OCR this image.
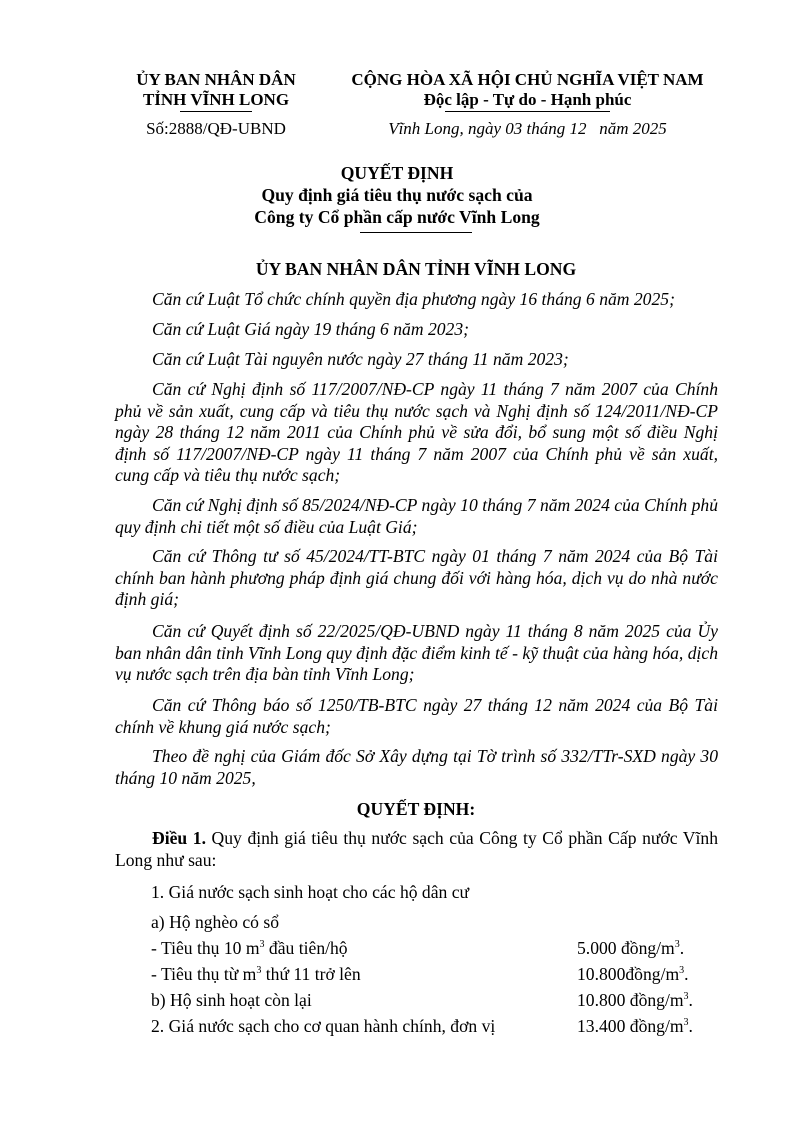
ỦY BAN NHÂN DÂN
TỈNH VĨNH LONG
Số:2888/QĐ-UBND
CỘNG HÒA XÃ HỘI CHỦ NGHĨA VIỆT NAM
Độc lập - Tự do - Hạnh phúc
Vĩnh Long, ngày 03 tháng 12   năm 2025
QUYẾT ĐỊNH
Quy định giá tiêu thụ nước sạch của
Công ty Cổ phần cấp nước Vĩnh Long
ỦY BAN NHÂN DÂN TỈNH VĨNH LONG
Căn cứ Luật Tổ chức chính quyền địa phương ngày 16 tháng 6 năm 2025;
Căn cứ Luật Giá ngày 19 tháng 6 năm 2023;
Căn cứ Luật Tài nguyên nước ngày 27 tháng 11 năm 2023;
Căn cứ Nghị định số 117/2007/NĐ-CP ngày 11 tháng 7 năm 2007 của Chính phủ về sản xuất, cung cấp và tiêu thụ nước sạch và Nghị định số 124/2011/NĐ-CP ngày 28 tháng 12 năm 2011 của Chính phủ về sửa đổi, bổ sung một số điều Nghị định số 117/2007/NĐ-CP ngày 11 tháng 7 năm 2007 của Chính phủ về sản xuất, cung cấp và tiêu thụ nước sạch;
Căn cứ Nghị định số 85/2024/NĐ-CP ngày 10 tháng 7 năm 2024 của Chính phủ quy định chi tiết một số điều của Luật Giá;
Căn cứ Thông tư số 45/2024/TT-BTC ngày 01 tháng 7 năm 2024 của Bộ Tài chính ban hành phương pháp định giá chung đối với hàng hóa, dịch vụ do nhà nước định giá;
Căn cứ Quyết định số 22/2025/QĐ-UBND ngày 11 tháng 8 năm 2025 của Ủy ban nhân dân tỉnh Vĩnh Long quy định đặc điểm kinh tế - kỹ thuật của hàng hóa, dịch vụ nước sạch trên địa bàn tỉnh Vĩnh Long;
Căn cứ Thông báo số 1250/TB-BTC ngày 27 tháng 12 năm 2024 của Bộ Tài chính về khung giá nước sạch;
Theo đề nghị của Giám đốc Sở Xây dựng tại Tờ trình số 332/TTr-SXD ngày 30 tháng 10 năm 2025,
QUYẾT ĐỊNH:
Điều 1. Quy định giá tiêu thụ nước sạch của Công ty Cổ phần Cấp nước Vĩnh Long như sau:
1. Giá nước sạch sinh hoạt cho các hộ dân cư
a) Hộ nghèo có sổ
- Tiêu thụ 10 $m^3$ đầu tiên/hộ	5.000 đồng/$m^3$.
- Tiêu thụ từ $m^3$ thứ 11 trở lên	$10.800đồng/m^3$.
b) Hộ sinh hoạt còn lại	10.800 đồng/$m^3$.
2. Giá nước sạch cho cơ quan hành chính, đơn vị	13.400 đồng/$m^3$.
